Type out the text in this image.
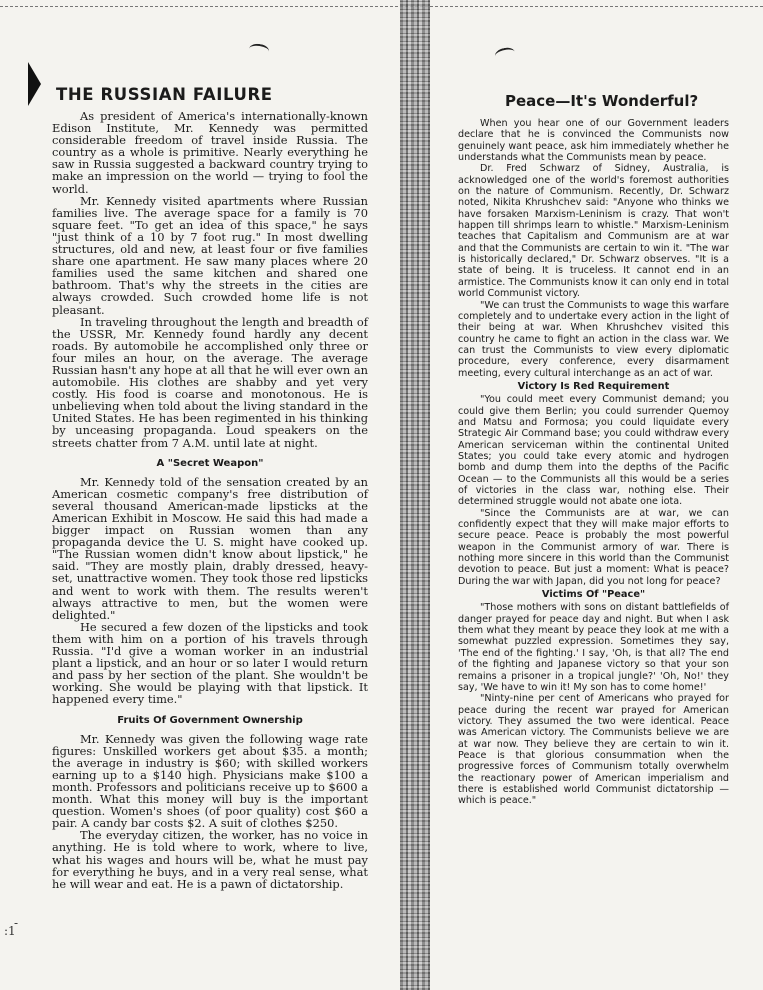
THE RUSSIAN FAILURE	Peace—It's Wonderful?

As president of America's internationally-known Edison Institute, Mr. Kennedy was permitted considerable freedom of travel inside Russia. The country as a whole is primitive. Nearly everything he saw in Russia suggested a backward country trying to make an impression on the world — trying to fool the world.

Mr. Kennedy visited apartments where Russian families live. The average space for a family is 70 square feet. "To get an idea of this space," he says "just think of a 10 by 7 foot rug." In most dwelling structures, old and new, at least four or five families share one apartment. He saw many places where 20 families used the same kitchen and shared one bathroom. That's why the streets in the cities are always crowded. Such crowded home life is not pleasant.

In traveling throughout the length and breadth of the USSR, Mr. Kennedy found hardly any decent roads. By automobile he accomplished only three or four miles an hour, on the average. The average Russian hasn't any hope at all that he will ever own an automobile. His clothes are shabby and yet very costly. His food is coarse and monotonous. He is unbelieving when told about the living standard in the United States. He has been regimented in his thinking by unceasing propaganda. Loud speakers on the streets chatter from 7 A.M. until late at night.

A "Secret Weapon"

Mr. Kennedy told of the sensation created by an American cosmetic company's free distribution of several thousand American-made lipsticks at the American Exhibit in Moscow. He said this had made a bigger impact on Russian women than any propaganda device the U. S. might have cooked up. "The Russian women didn't know about lipstick," he said. "They are mostly plain, drably dressed, heavy-set, unattractive women. They took those red lipsticks and went to work with them. The results weren't always attractive to men, but the women were delighted."

He secured a few dozen of the lipsticks and took them with him on a portion of his travels through Russia. "I'd give a woman worker in an industrial plant a lipstick, and an hour or so later I would return and pass by her section of the plant. She wouldn't be working. She would be playing with that lipstick. It happened every time."

Fruits Of Government Ownership

Mr. Kennedy was given the following wage rate figures: Unskilled workers get about $35. a month; the average in industry is $60; with skilled workers earning up to a $140 high. Physicians make $100 a month. Professors and politicians receive up to $600 a month. What this money will buy is the important question. Women's shoes (of poor quality) cost $60 a pair. A candy bar costs $2. A suit of clothes $250.

The everyday citizen, the worker, has no voice in anything. He is told where to work, where to live, what his wages and hours will be, what he must pay for everything he buys, and in a very real sense, what he will wear and eat. He is a pawn of dictatorship.

When you hear one of our Government leaders declare that he is convinced the Communists now genuinely want peace, ask him immediately whether he understands what the Communists mean by peace.

Dr. Fred Schwarz of Sidney, Australia, is acknowledged one of the world's foremost authorities on the nature of Communism. Recently, Dr. Schwarz noted, Nikita Khrushchev said: "Anyone who thinks we have forsaken Marxism-Leninism is crazy. That won't happen till shrimps learn to whistle." Marxism-Leninism teaches that Capitalism and Communism are at war and that the Communists are certain to win it. "The war is historically declared," Dr. Schwarz observes. "It is a state of being. It is truceless. It cannot end in an armistice. The Communists know it can only end in total world Communist victory.

"We can trust the Communists to wage this warfare completely and to undertake every action in the light of their being at war. When Khrushchev visited this country he came to fight an action in the class war. We can trust the Communists to view every diplomatic procedure, every conference, every disarmament meeting, every cultural interchange as an act of war.

Victory Is Red Requirement

"You could meet every Communist demand; you could give them Berlin; you could surrender Quemoy and Matsu and Formosa; you could liquidate every Strategic Air Command base; you could withdraw every American serviceman within the continental United States; you could take every atomic and hydrogen bomb and dump them into the depths of the Pacific Ocean — to the Communists all this would be a series of victories in the class war, nothing else. Their determined struggle would not abate one iota.

"Since the Communists are at war, we can confidently expect that they will make major efforts to secure peace. Peace is probably the most powerful weapon in the Communist armory of war. There is nothing more sincere in this world than the Communist devotion to peace. But just a moment: What is peace? During the war with Japan, did you not long for peace?

Victims Of "Peace"

"Those mothers with sons on distant battlefields of danger prayed for peace day and night. But when I ask them what they meant by peace they look at me with a somewhat puzzled expression. Sometimes they say, 'The end of the fighting.' I say, 'Oh, is that all? The end of the fighting and Japanese victory so that your son remains a prisoner in a tropical jungle?' 'Oh, No!' they say, 'We have to win it! My son has to come home!'

"Ninty-nine per cent of Americans who prayed for peace during the recent war prayed for American victory. They assumed the two were identical. Peace was American victory. The Communists believe we are at war now. They believe they are certain to win it. Peace is that glorious consummation when the progressive forces of Communism totally overwhelm the reactionary power of American imperialism and there is established world Communist dictatorship — which is peace."

-
:1
